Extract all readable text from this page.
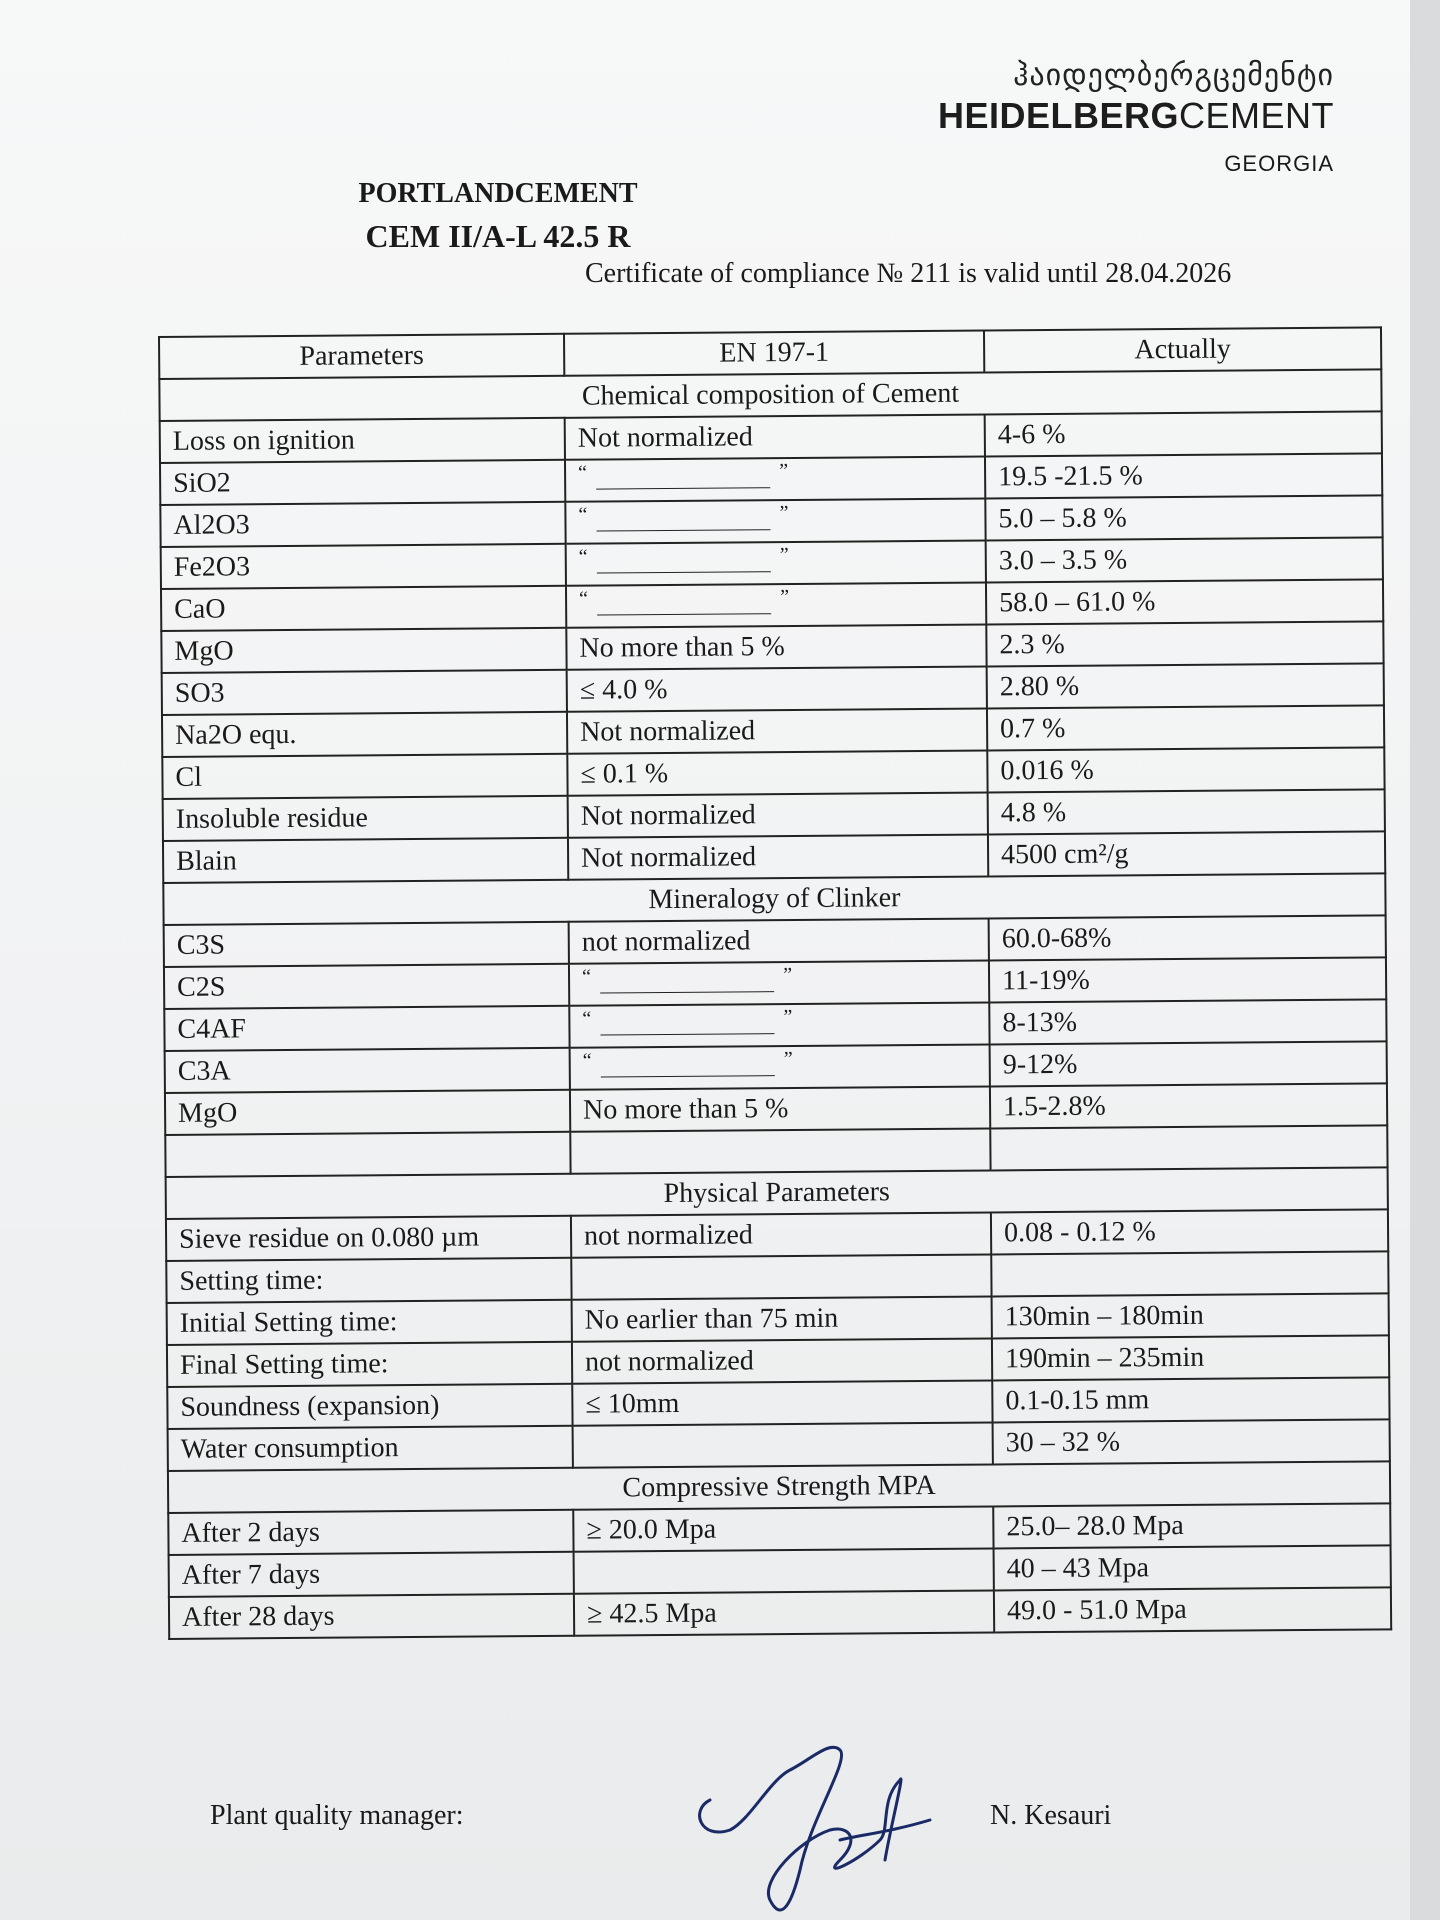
ჰაიდელბერგცემენტი
HEIDELBERGCEMENT
GEORGIA
PORTLANDCEMENT
CEM II/A-L 42.5 R
Certificate of compliance № 211 is valid until 28.04.2026
Parameters	EN 197-1	Actually
Chemical composition of Cement		
Loss on ignition	Not normalized	4-6 %
SiO2	“ ”	19.5 -21.5 %
Al2O3	“ ”	5.0 – 5.8 %
Fe2O3	“ ”	3.0 – 3.5 %
CaO	“ ”	58.0 – 61.0 %
MgO	No more than 5 %	2.3 %
SO3	≤ 4.0 %	2.80 %
Na2O equ.	Not normalized	0.7 %
Cl	≤ 0.1 %	0.016 %
Insoluble residue	Not normalized	4.8 %
Blain	Not normalized	4500 cm²/g
Mineralogy of Clinker		
C3S	not normalized	60.0-68%
C2S	“ ”	11-19%
C4AF	“ ”	8-13%
C3A	“ ”	9-12%
MgO	No more than 5 %	1.5-2.8%

Physical Parameters		
Sieve residue on 0.080 µm	not normalized	0.08 - 0.12 %
Setting time:		
Initial Setting time:	No earlier than 75 min	130min – 180min
Final Setting time:	not normalized	190min – 235min
Soundness (expansion)	≤ 10mm	0.1-0.15 mm
Water consumption		30 – 32 %
Compressive Strength MPA		
After 2 days	≥ 20.0 Mpa	25.0– 28.0 Mpa
After 7 days		40 – 43 Mpa
After 28 days	≥ 42.5 Mpa	49.0 - 51.0 Mpa
Plant quality manager:	N. Kesauri
